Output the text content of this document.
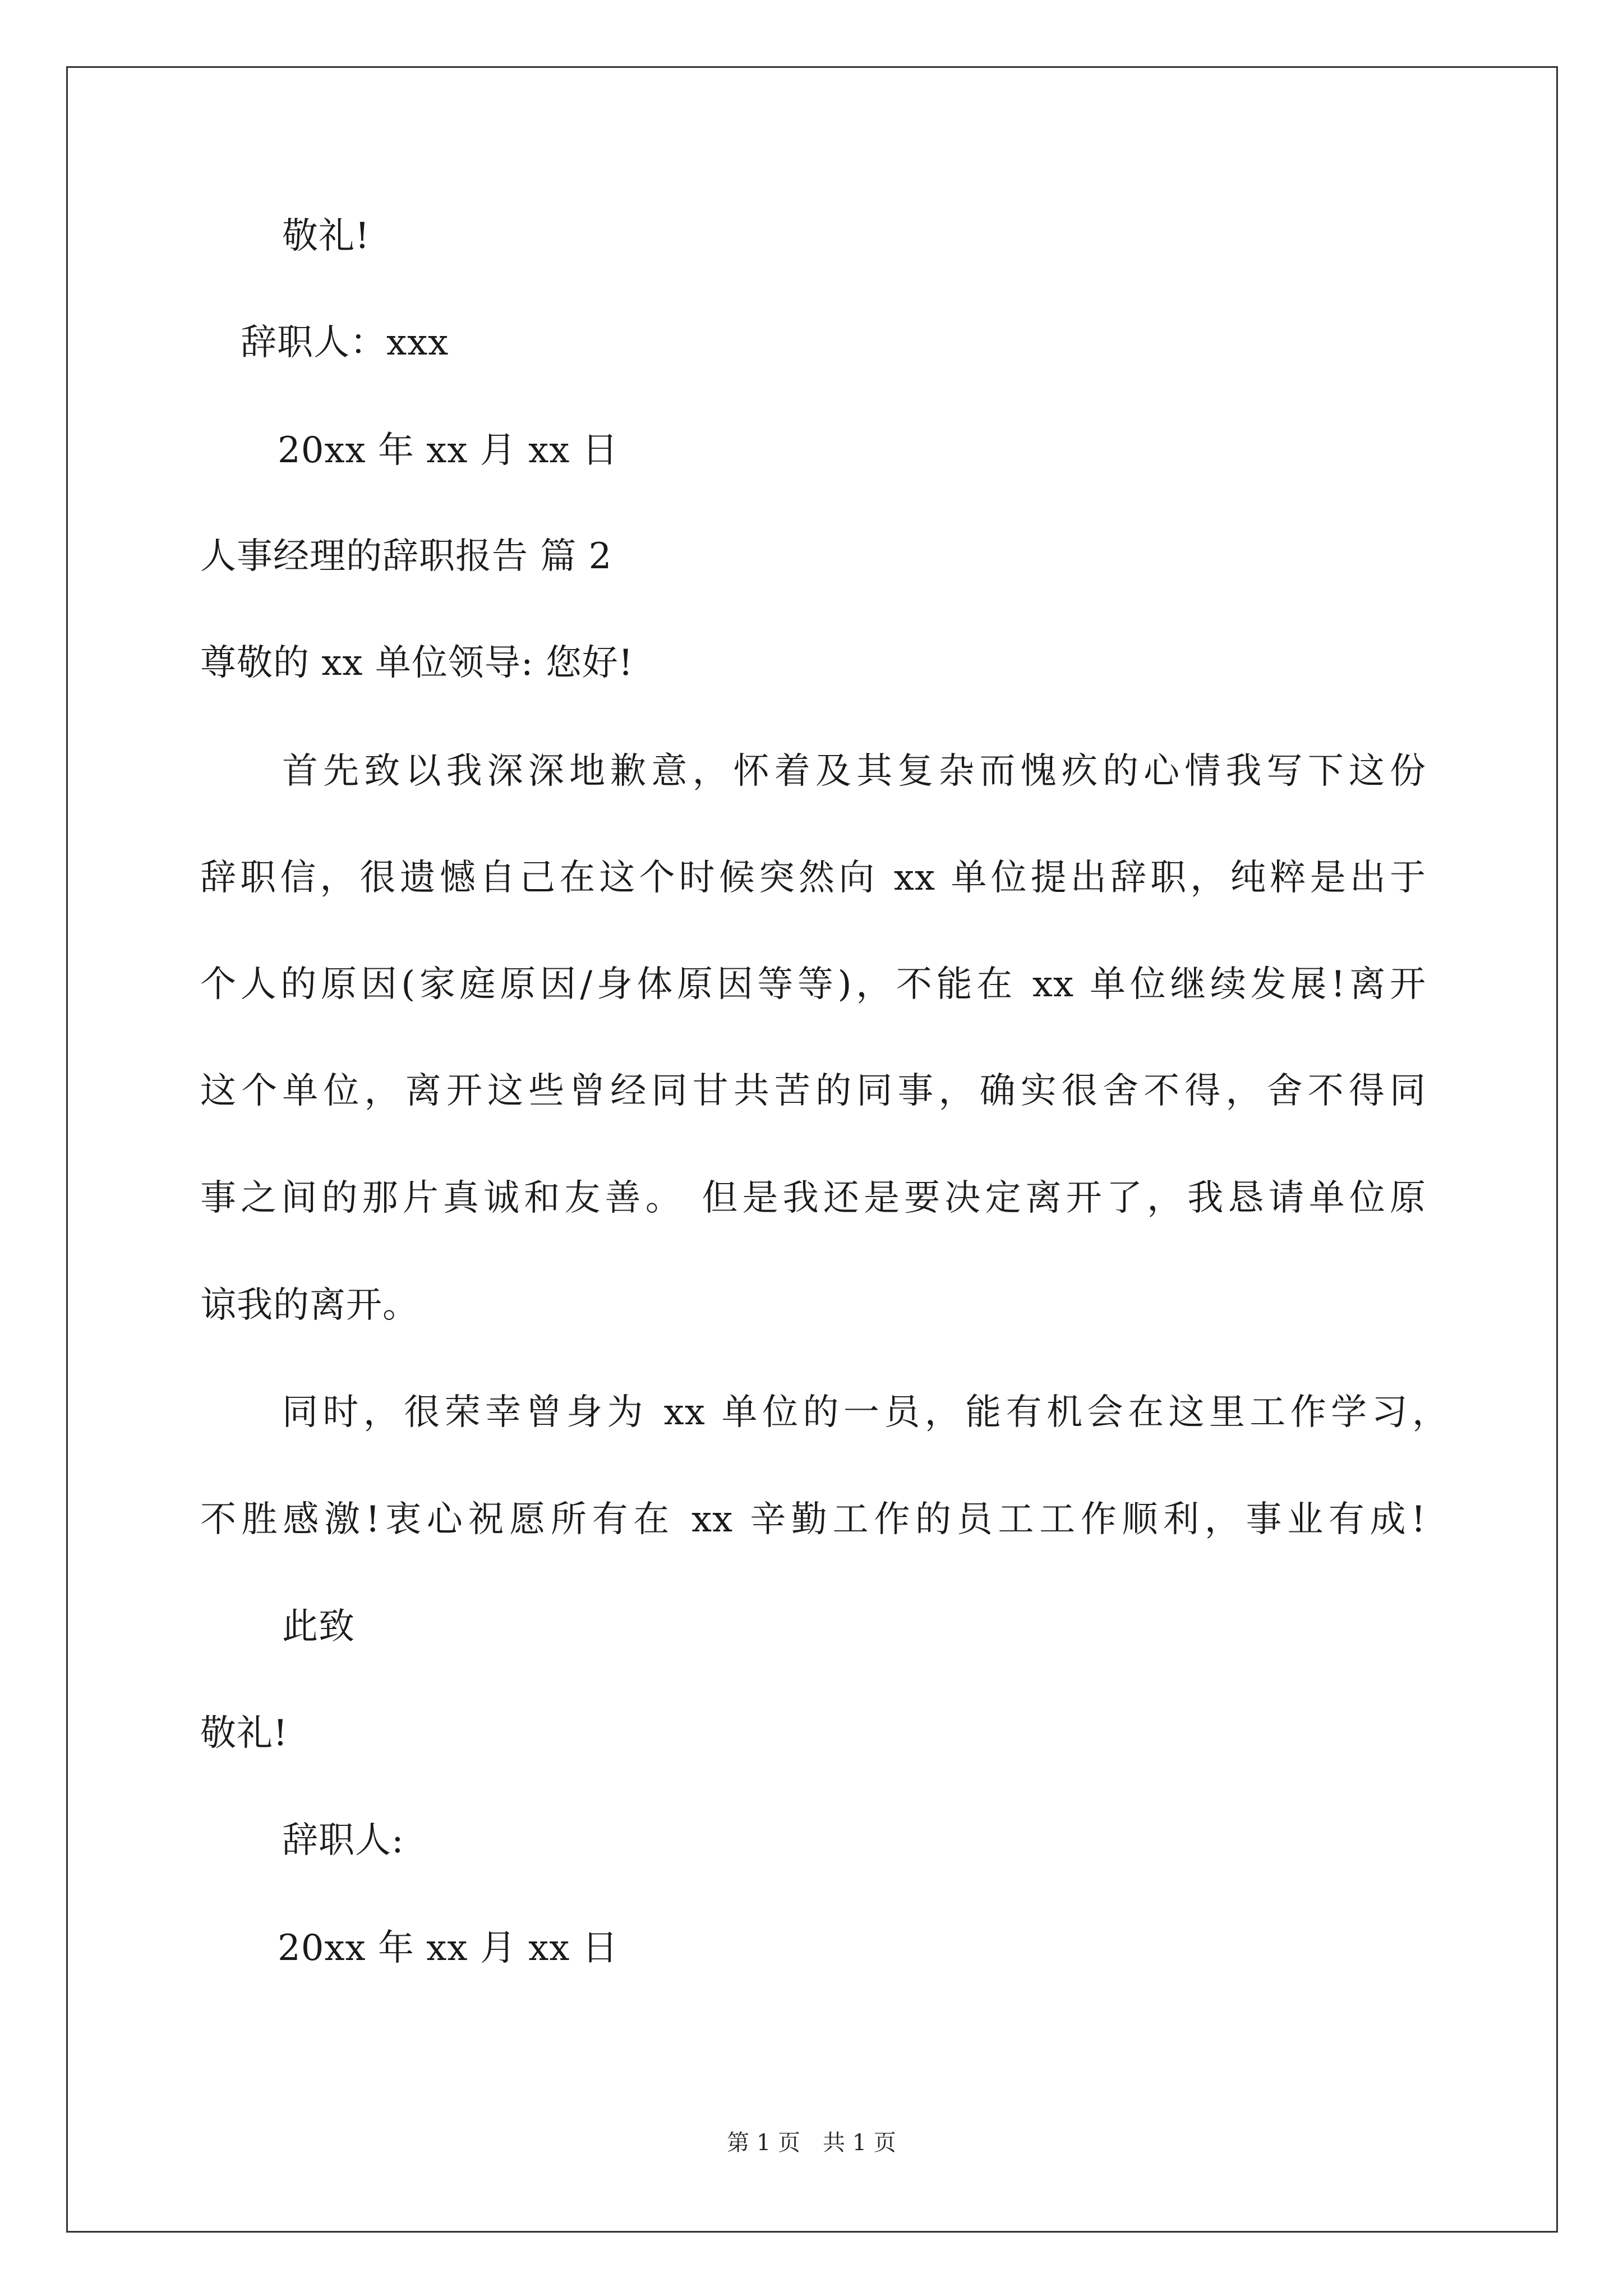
敬礼!
辞职人：xxx
20xx 年 xx 月 xx 日
人事经理的辞职报告 篇 2
尊敬的 xx 单位领导: 您好!
首先致以我深深地歉意，怀着及其复杂而愧疚的心情我写下这份
辞职信，很遗憾自己在这个时候突然向 xx 单位提出辞职，纯粹是出于
个人的原因(家庭原因/身体原因等等)，不能在 xx 单位继续发展!离开
这个单位，离开这些曾经同甘共苦的同事，确实很舍不得，舍不得同
事之间的那片真诚和友善。 但是我还是要决定离开了，我恳请单位原
谅我的离开。
同时，很荣幸曾身为 xx 单位的一员，能有机会在这里工作学习，
不胜感激!衷心祝愿所有在 xx 辛勤工作的员工工作顺利，事业有成!
此致
敬礼!
辞职人:
20xx 年 xx 月 xx 日
第 1 页　共 1 页
